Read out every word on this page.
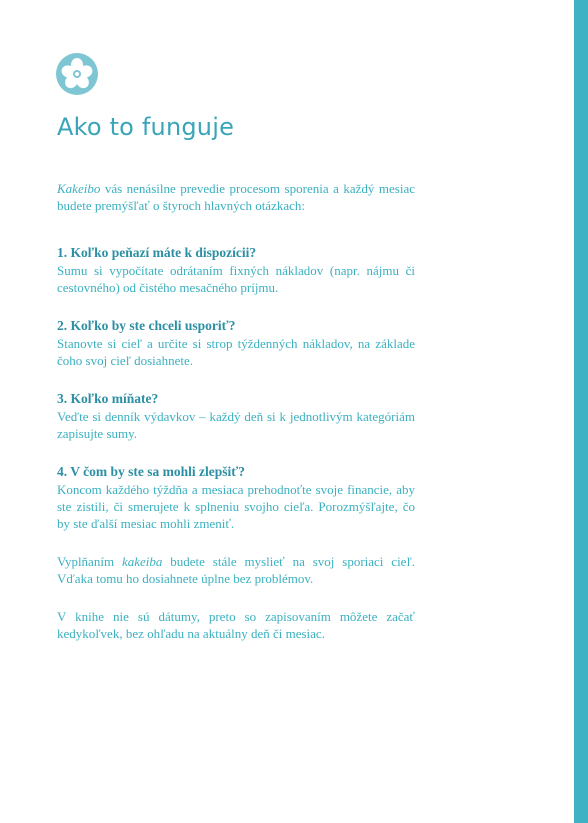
Ako to funguje

Kakeibo vás nenásilne prevedie procesom sporenia a každý mesiac budete premýšľať o štyroch hlavných otázkach:

1. Koľko peňazí máte k dispozícii?

Sumu si vypočítate odrátaním fixných nákladov (napr. nájmu či cestovného) od čistého mesačného príjmu.

2. Koľko by ste chceli usporiť?

Stanovte si cieľ a určite si strop týždenných nákladov, na základe čoho svoj cieľ dosiahnete.

3. Koľko míňate?

Veďte si denník výdavkov – každý deň si k jednotlivým kategóriám zapisujte sumy.

4. V čom by ste sa mohli zlepšiť?

Koncom každého týždňa a mesiaca prehodnoťte svoje financie, aby ste zistili, či smerujete k splneniu svojho cieľa. Porozmýšľajte, čo by ste ďalší mesiac mohli zmeniť.

Vyplňaním kakeiba budete stále myslieť na svoj sporiaci cieľ. Vďaka tomu ho dosiahnete úplne bez problémov.

V knihe nie sú dátumy, preto so zapisovaním môžete začať kedykoľvek, bez ohľadu na aktuálny deň či mesiac.
